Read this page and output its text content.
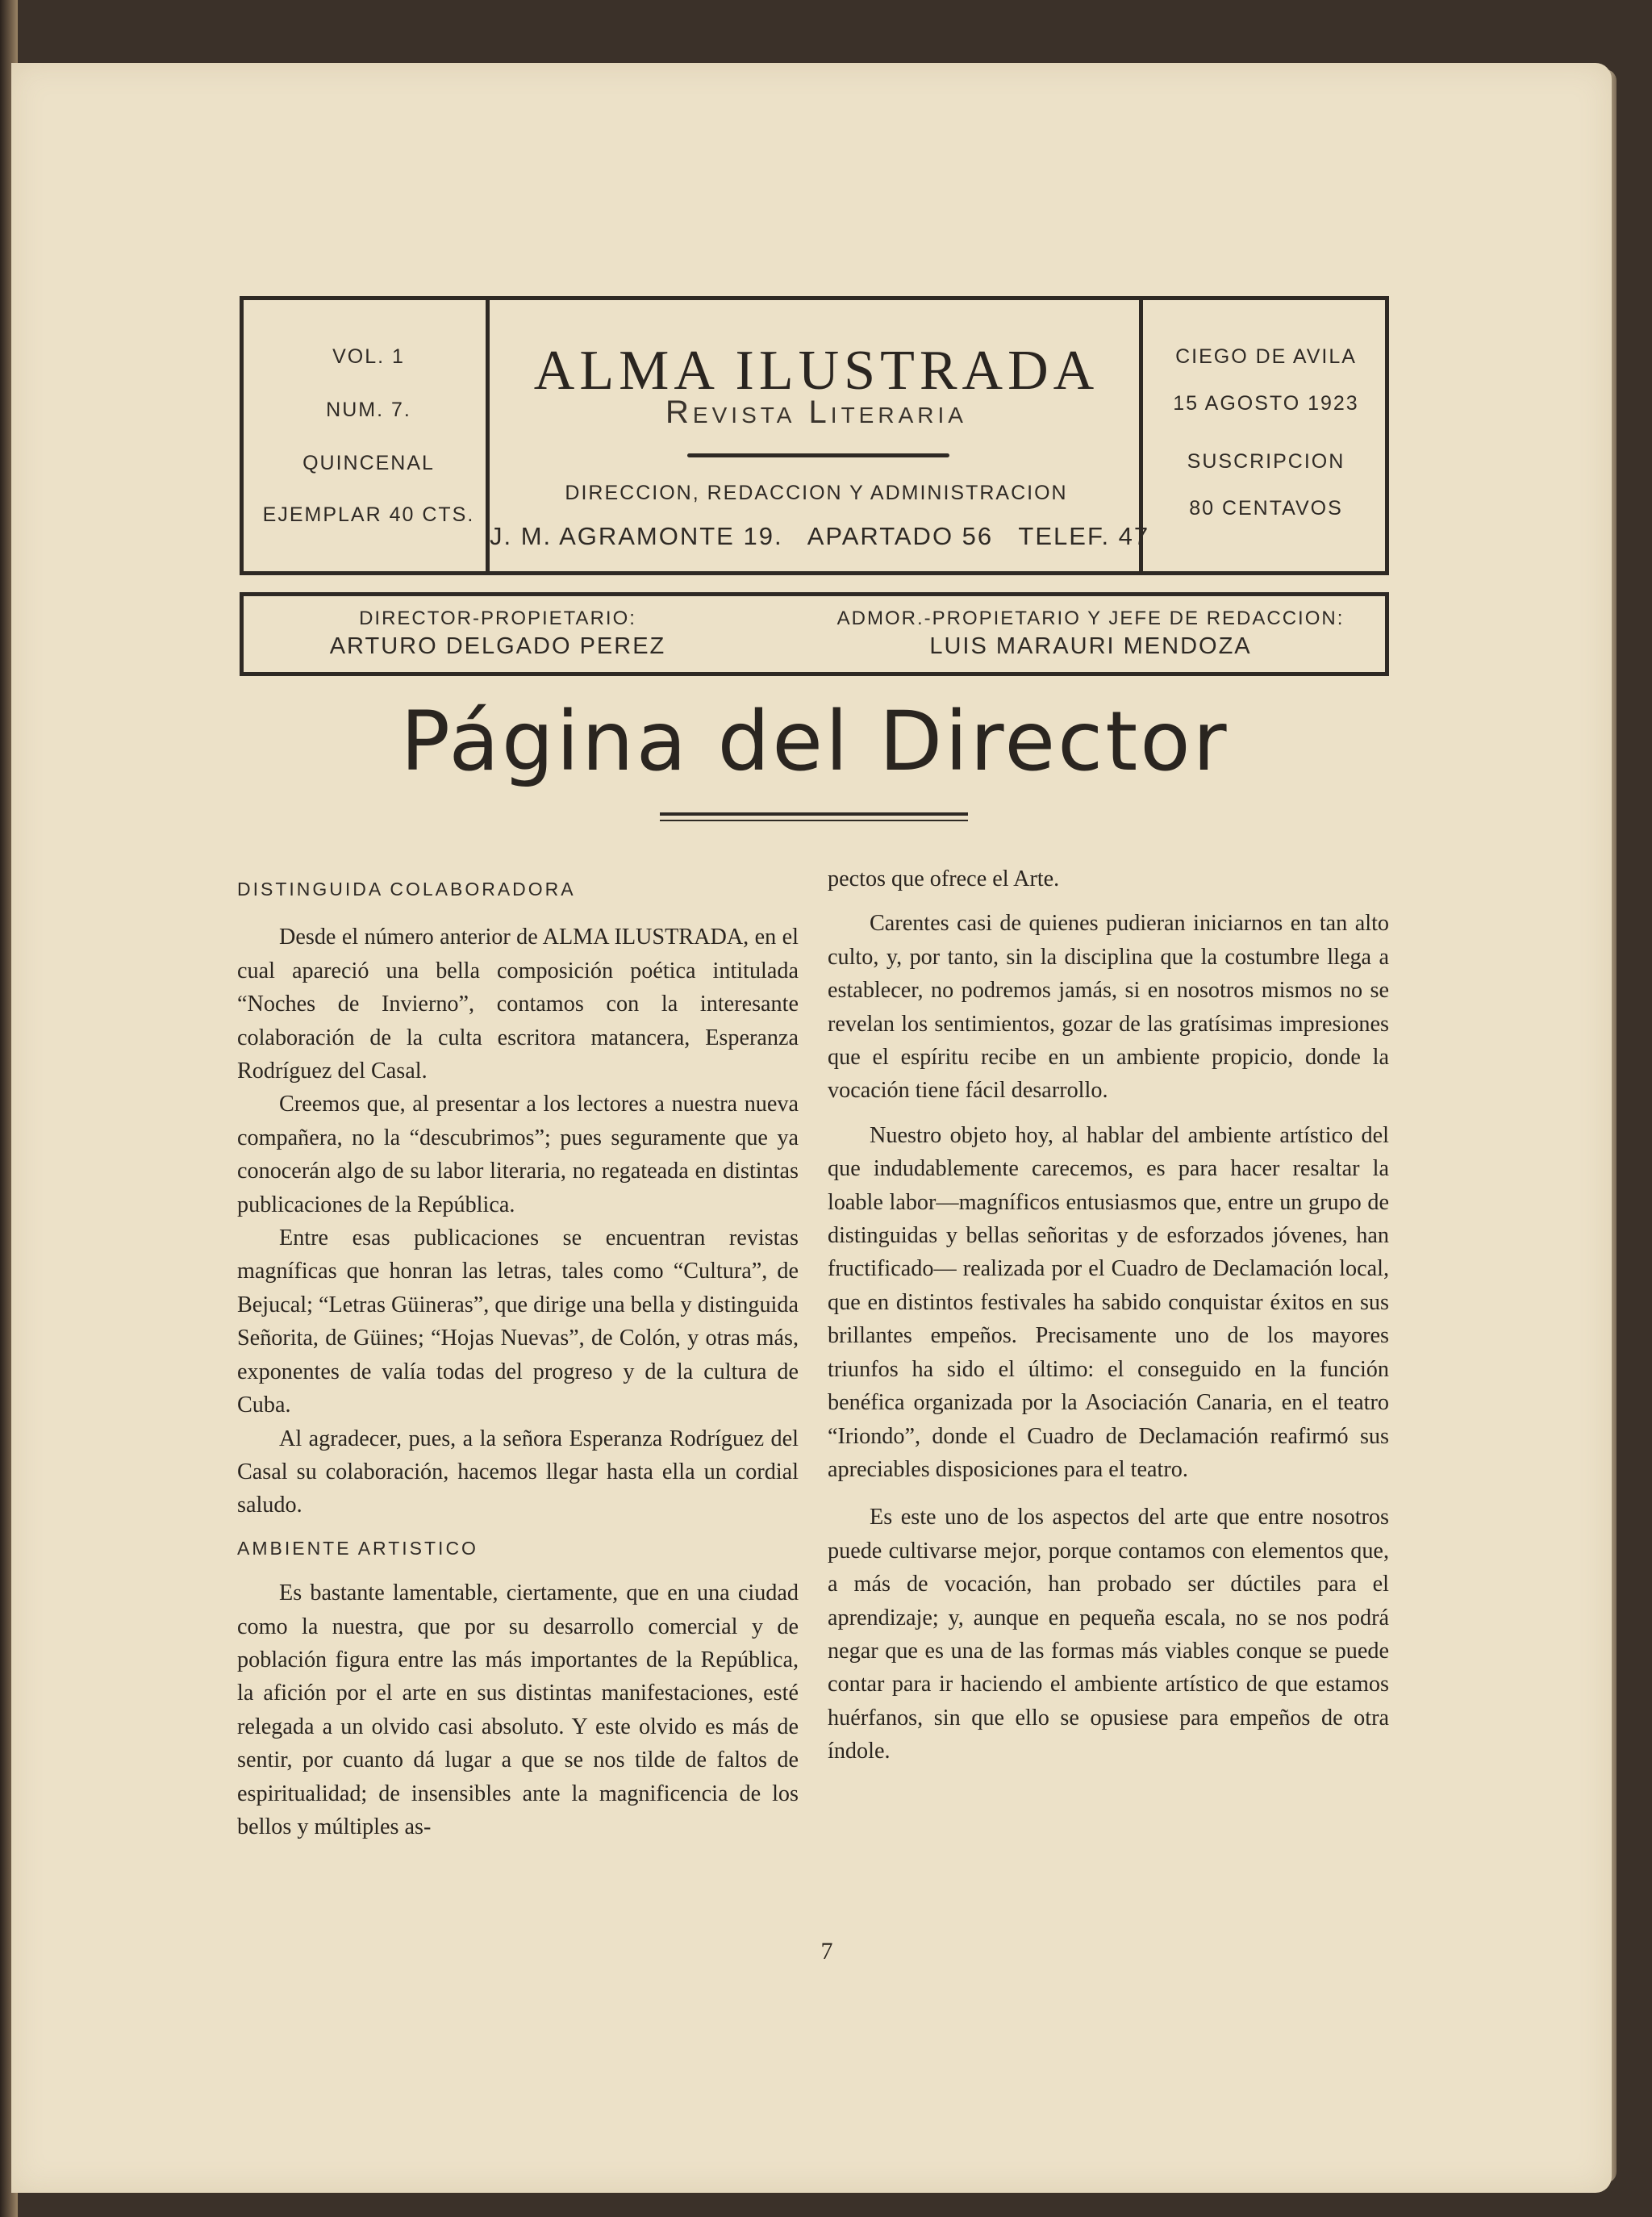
VOL. 1
NUM. 7.
QUINCENAL
EJEMPLAR 40 CTS.
ALMA ILUSTRADA
Revista Literaria
DIRECCION, REDACCION Y ADMINISTRACION
J. M. AGRAMONTE 19.   APARTADO 56   TELEF. 47
CIEGO DE AVILA
15 AGOSTO 1923
SUSCRIPCION
80 CENTAVOS
DIRECTOR-PROPIETARIO:
ARTURO DELGADO PEREZ
ADMOR.-PROPIETARIO Y JEFE DE REDACCION:
LUIS MARAURI MENDOZA
Página del Director

DISTINGUIDA COLABORADORA

Desde el número anterior de ALMA ILUSTRADA, en el cual apareció una bella composición poética intitulada “Noches de Invierno”, contamos con la interesante colaboración de la culta escritora matancera, Esperanza Rodríguez del Casal.

Creemos que, al presentar a los lectores a nuestra nueva compañera, no la “descubrimos”; pues seguramente que ya conocerán algo de su labor literaria, no regateada en distintas publicaciones de la República.

Entre esas publicaciones se encuentran revistas magníficas que honran las letras, tales como “Cultura”, de Bejucal; “Letras Güineras”, que dirige una bella y distinguida Señorita, de Güines; “Hojas Nuevas”, de Colón, y otras más, exponentes de valía todas del progreso y de la cultura de Cuba.

Al agradecer, pues, a la señora Esperanza Rodríguez del Casal su colaboración, hacemos llegar hasta ella un cordial saludo.

AMBIENTE ARTISTICO

Es bastante lamentable, ciertamente, que en una ciudad como la nuestra, que por su desarrollo comercial y de población figura entre las más importantes de la República, la afición por el arte en sus distintas manifestaciones, esté relegada a un olvido casi absoluto. Y este olvido es más de sentir, por cuanto dá lugar a que se nos tilde de faltos de espiritualidad; de insensibles ante la magnificencia de los bellos y múltiples as-

pectos que ofrece el Arte.

Carentes casi de quienes pudieran iniciarnos en tan alto culto, y, por tanto, sin la disciplina que la costumbre llega a establecer, no podremos jamás, si en nosotros mismos no se revelan los sentimientos, gozar de las gratísimas impresiones que el espíritu recibe en un ambiente propicio, donde la vocación tiene fácil desarrollo.

Nuestro objeto hoy, al hablar del ambiente artístico del que indudablemente carecemos, es para hacer resaltar la loable labor—magníficos entusiasmos que, entre un grupo de distinguidas y bellas señoritas y de esforzados jóvenes, han fructificado— realizada por el Cuadro de Declamación local, que en distintos festivales ha sabido conquistar éxitos en sus brillantes empeños. Precisamente uno de los mayores triunfos ha sido el último: el conseguido en la función benéfica organizada por la Asociación Canaria, en el teatro “Iriondo”, donde el Cuadro de Declamación reafirmó sus apreciables disposiciones para el teatro.

Es este uno de los aspectos del arte que entre nosotros puede cultivarse mejor, porque contamos con elementos que, a más de vocación, han probado ser dúctiles para el aprendizaje; y, aunque en pequeña escala, no se nos podrá negar que es una de las formas más viables conque se puede contar para ir haciendo el ambiente artístico de que estamos huérfanos, sin que ello se opusiese para empeños de otra índole.

7
